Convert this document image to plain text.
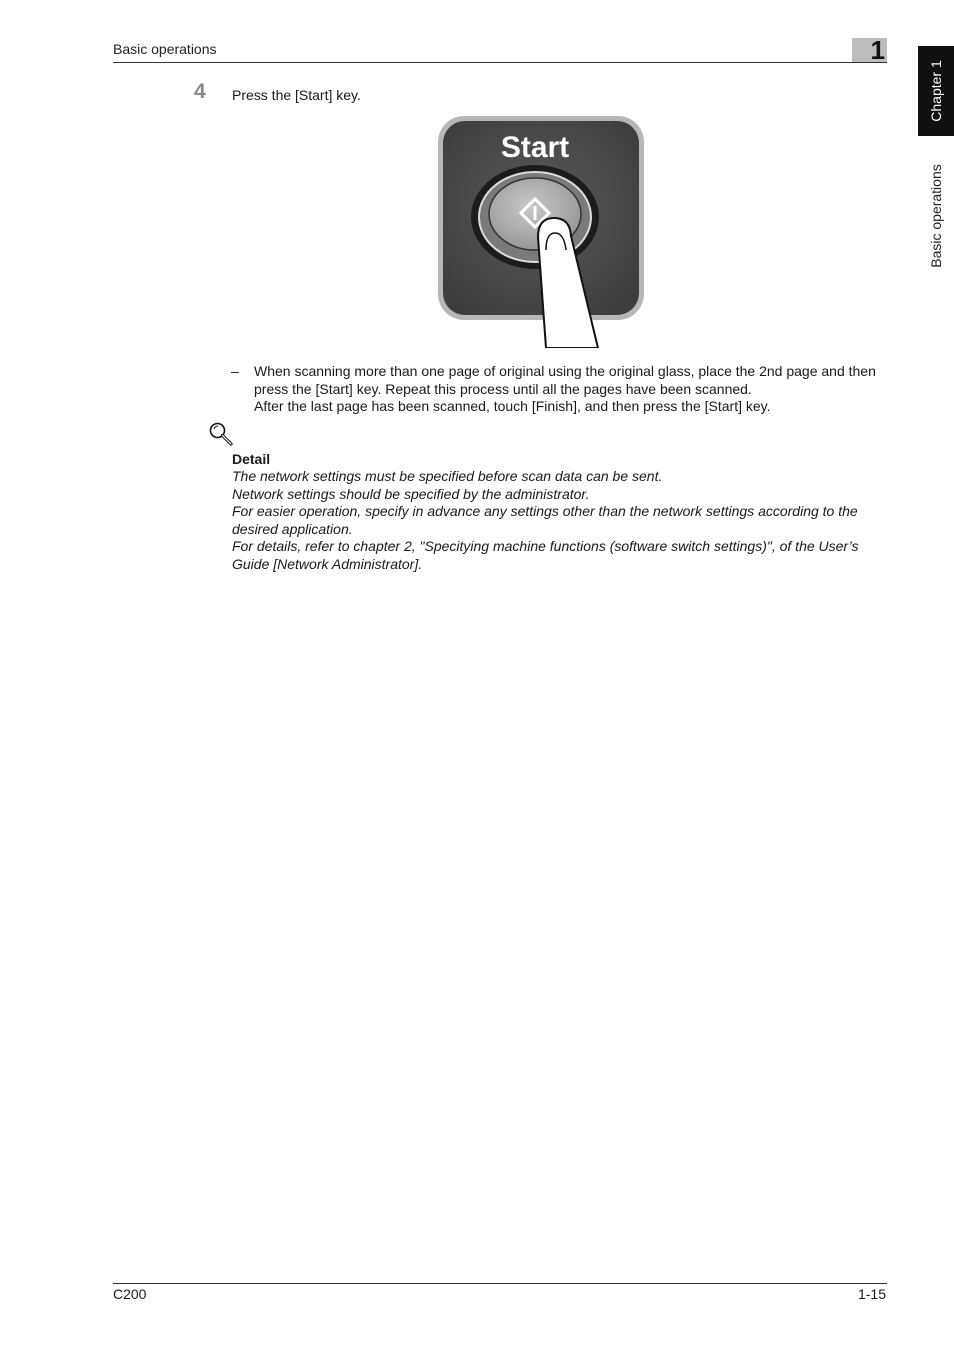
Basic operations	1
Chapter 1
Basic operations
4 Press the [Start] key.
Start
– When scanning more than one page of original using the original glass, place the 2nd page and then press the [Start] key. Repeat this process until all the pages have been scanned.

After the last page has been scanned, touch [Finish], and then press the [Start] key.

Detail

The network settings must be specified before scan data can be sent.

Network settings should be specified by the administrator.

For easier operation, specify in advance any settings other than the network settings according to the desired application.

For details, refer to chapter 2, "Specitying machine functions (software switch settings)", of the User’s Guide [Network Administrator].

C200	1-15
